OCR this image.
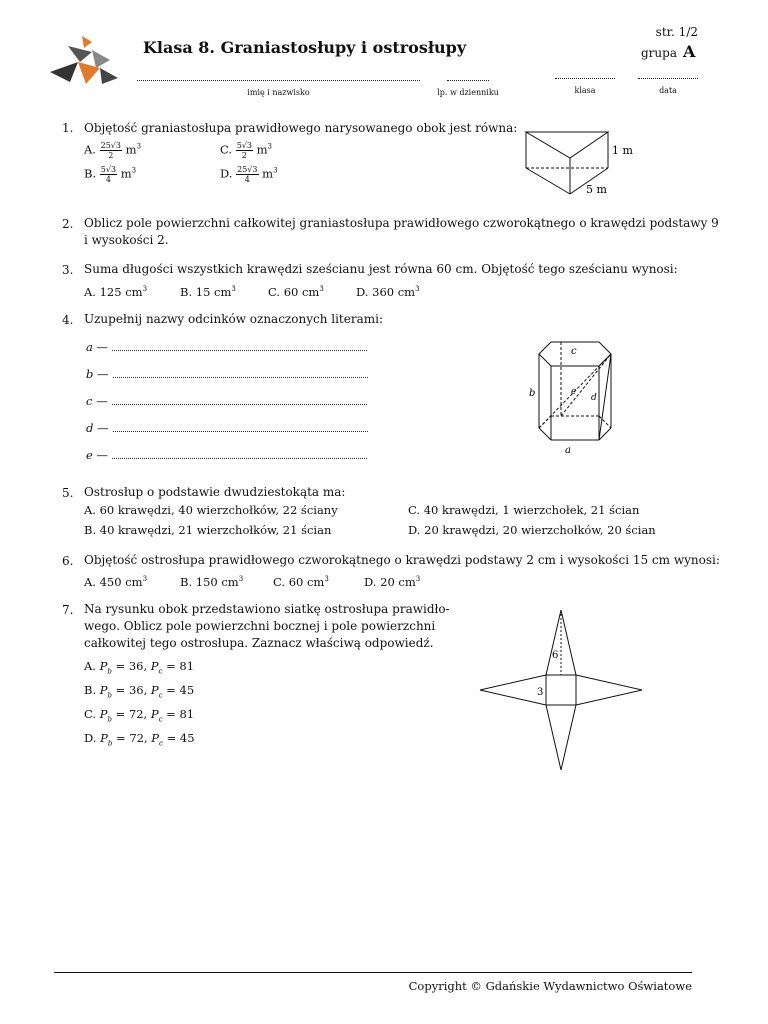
Klasa 8. Graniastosłupy i ostrosłupy
str. 1/2
grupa A
imię i nazwisko	lp. w dzienniku	klasa	data
1. Objętość graniastosłupa prawidłowego narysowanego obok jest równa:
A. $\frac{25√3}{2} m^3$	C. $\frac{5√3}{2} m^3$
B. $\frac{5√3}{4} m^3$	D. $\frac{25√3}{4} m^3$
1 m
5 m
2. Oblicz pole powierzchni całkowitej graniastosłupa prawidłowego czworokątnego o krawędzi podstawy 9
i wysokości 2.
3. Suma długości wszystkich krawędzi sześcianu jest równa 60 cm. Objętość tego sześcianu wynosi:
A. 125 $cm^3$	B. 15 $cm^3$	C. 60 $cm^3$	D. 360 $cm^3$
4. Uzupełnij nazwy odcinków oznaczonych literami:
a —
b —
c —
d —
e —
c
b	e
d
a
5. Ostrosłup o podstawie dwudziestokąta ma:
A. 60 krawędzi, 40 wierzchołków, 22 ściany	C. 40 krawędzi, 1 wierzchołek, 21 ścian
B. 40 krawędzi, 21 wierzchołków, 21 ścian	D. 20 krawędzi, 20 wierzchołków, 20 ścian
6. Objętość ostrosłupa prawidłowego czworokątnego o krawędzi podstawy 2 cm i wysokości 15 cm wynosi:
A. 450 $cm^3$	B. 150 $cm^3$	C. 60 $cm^3$	D. 20 $cm^3$
7. Na rysunku obok przedstawiono siatkę ostrosłupa prawidło-
wego. Oblicz pole powierzchni bocznej i pole powierzchni
całkowitej tego ostrosłupa. Zaznacz właściwą odpowiedź.
A. $P_b = 36$, $P_c = 81$
B. $P_b = 36$, $P_c = 45$
C. $P_b = 72$, $P_c = 81$
D. $P_b = 72$, $P_c = 45$
6
3
Copyright © Gdańskie Wydawnictwo Oświatowe
